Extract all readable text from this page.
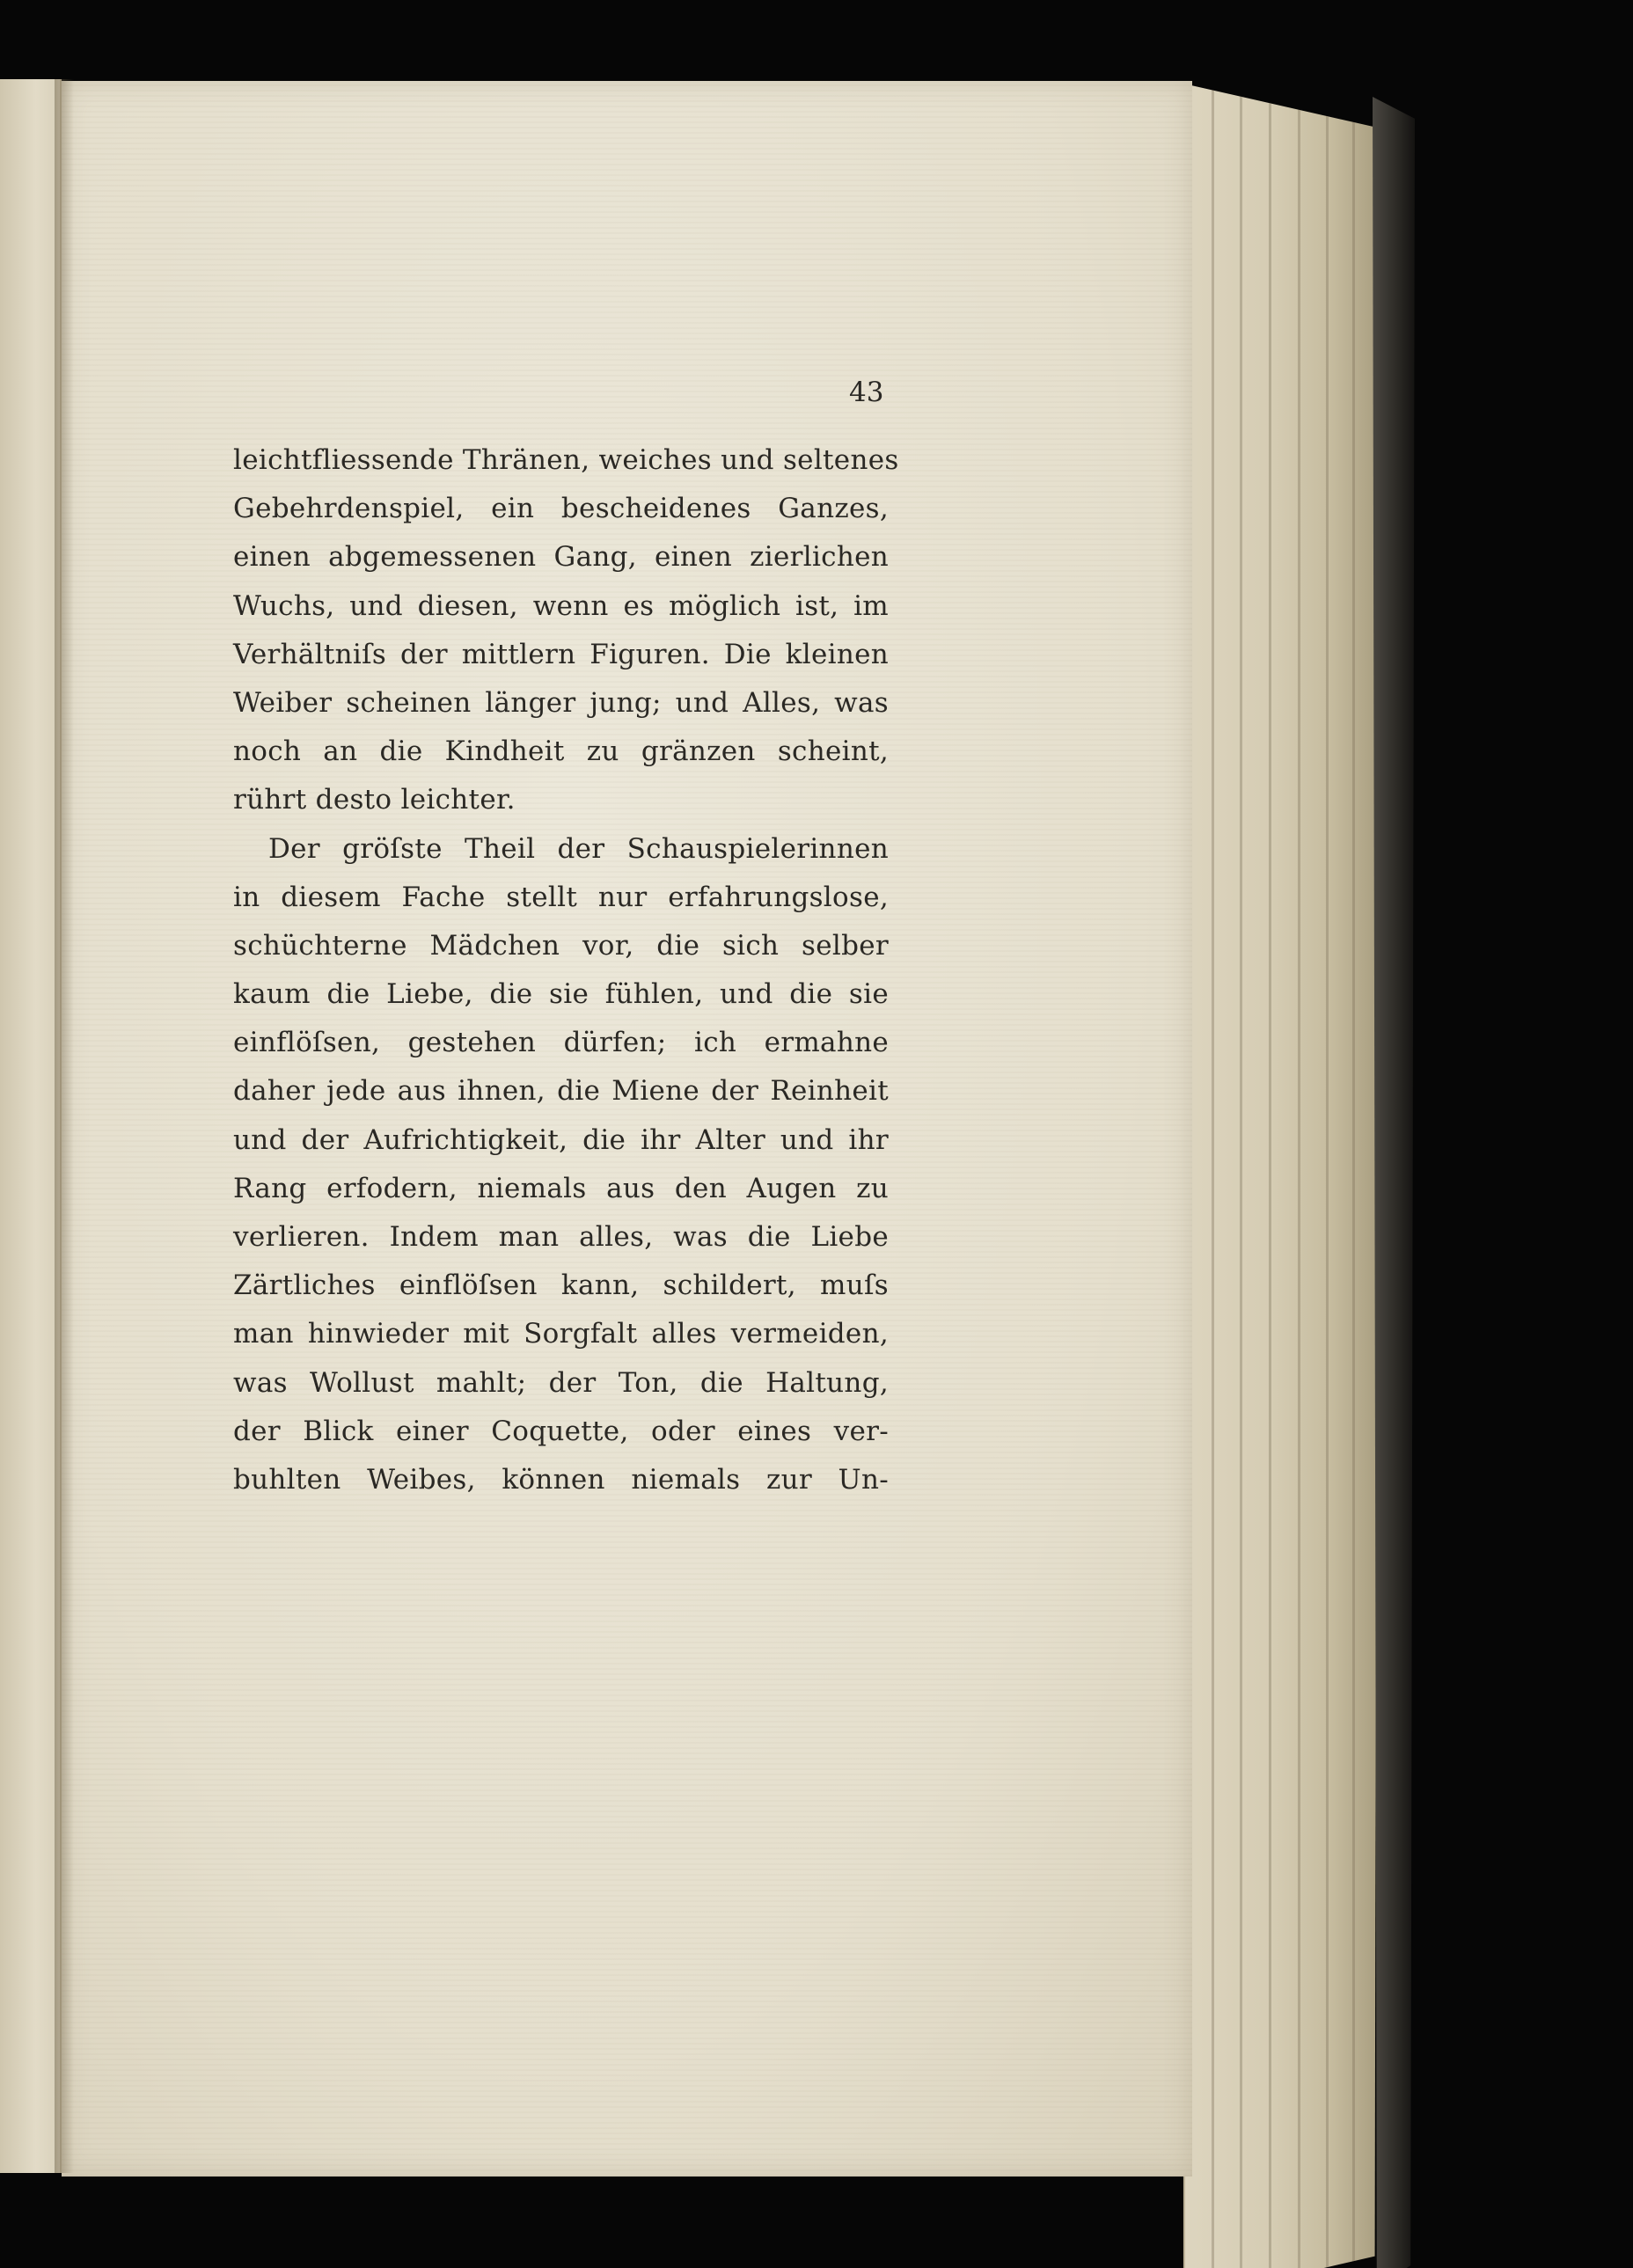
43
leichtfliessende Thränen, weiches und seltenes
Gebehrdenspiel, ein bescheidenes Ganzes,
einen abgemessenen Gang, einen zierlichen
Wuchs, und diesen, wenn es möglich ist, im
Verhältniſs der mittlern Figuren. Die kleinen
Weiber scheinen länger jung; und Alles, was
noch an die Kindheit zu gränzen scheint,
rührt desto leichter.
Der gröſste Theil der Schauspielerinnen
in diesem Fache stellt nur erfahrungslose,
schüchterne Mädchen vor, die sich selber
kaum die Liebe, die sie fühlen, und die sie
einflöſsen, gestehen dürfen; ich ermahne
daher jede aus ihnen, die Miene der Reinheit
und der Aufrichtigkeit, die ihr Alter und ihr
Rang erfodern, niemals aus den Augen zu
verlieren. Indem man alles, was die Liebe
Zärtliches einflöſsen kann, schildert, muſs
man hinwieder mit Sorgfalt alles vermeiden,
was Wollust mahlt; der Ton, die Haltung,
der Blick einer Coquette, oder eines ver-
buhlten Weibes, können niemals zur Un-
